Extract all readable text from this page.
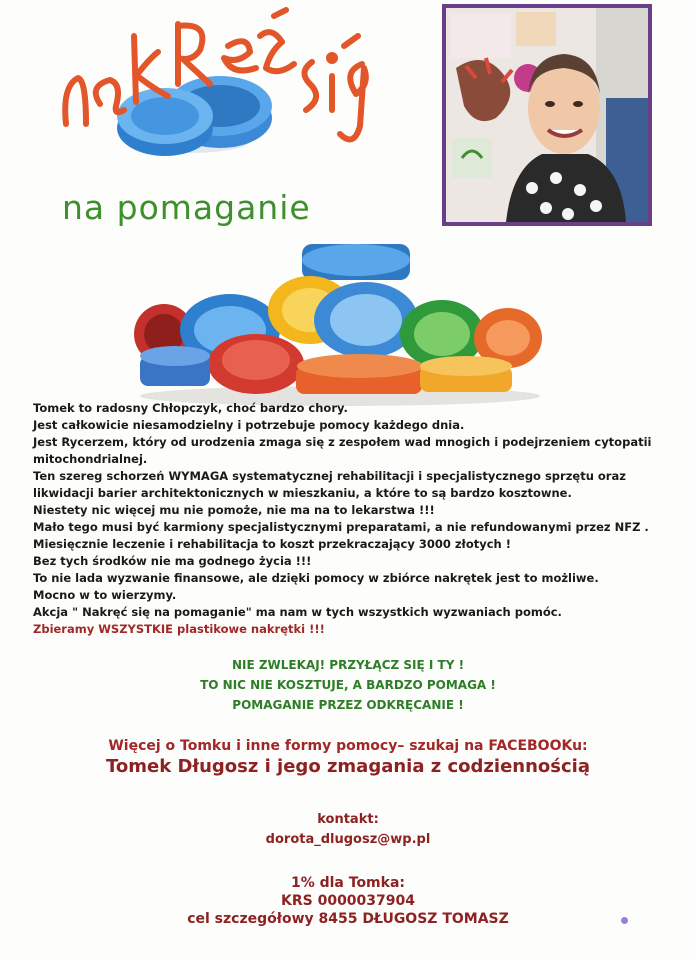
na pomaganie

Tomek to radosny Chłopczyk, choć bardzo chory.

Jest całkowicie niesamodzielny i potrzebuje pomocy każdego dnia.

Jest Rycerzem, który od urodzenia zmaga się z zespołem wad mnogich i podejrzeniem cytopatii mitochondrialnej.

Ten szereg schorzeń WYMAGA systematycznej rehabilitacji i specjalistycznego sprzętu oraz likwidacji barier architektonicznych w mieszkaniu, a które to są bardzo kosztowne.

Niestety nic więcej mu nie pomoże, nie ma na to lekarstwa !!!

Mało tego musi być karmiony specjalistycznymi preparatami, a nie refundowanymi przez NFZ .

Miesięcznie leczenie i rehabilitacja to koszt przekraczający 3000 złotych !

Bez tych środków nie ma godnego życia !!!

To nie lada wyzwanie finansowe, ale dzięki pomocy w zbiórce nakrętek jest to możliwe.

Mocno w to wierzymy.

Akcja " Nakręć się na pomaganie" ma nam w tych wszystkich wyzwaniach pomóc.

Zbieramy WSZYSTKIE plastikowe nakrętki !!!

NIE ZWLEKAJ! PRZYŁĄCZ SIĘ I TY !

TO NIC NIE KOSZTUJE, A BARDZO POMAGA !

POMAGANIE PRZEZ ODKRĘCANIE !

Więcej o Tomku i inne formy pomocy– szukaj na FACEBOOKu:
Tomek Długosz i jego zmagania z codziennością

kontakt:

dorota_dlugosz@wp.pl

1% dla Tomka:

KRS 0000037904

cel szczegółowy 8455 DŁUGOSZ TOMASZ
